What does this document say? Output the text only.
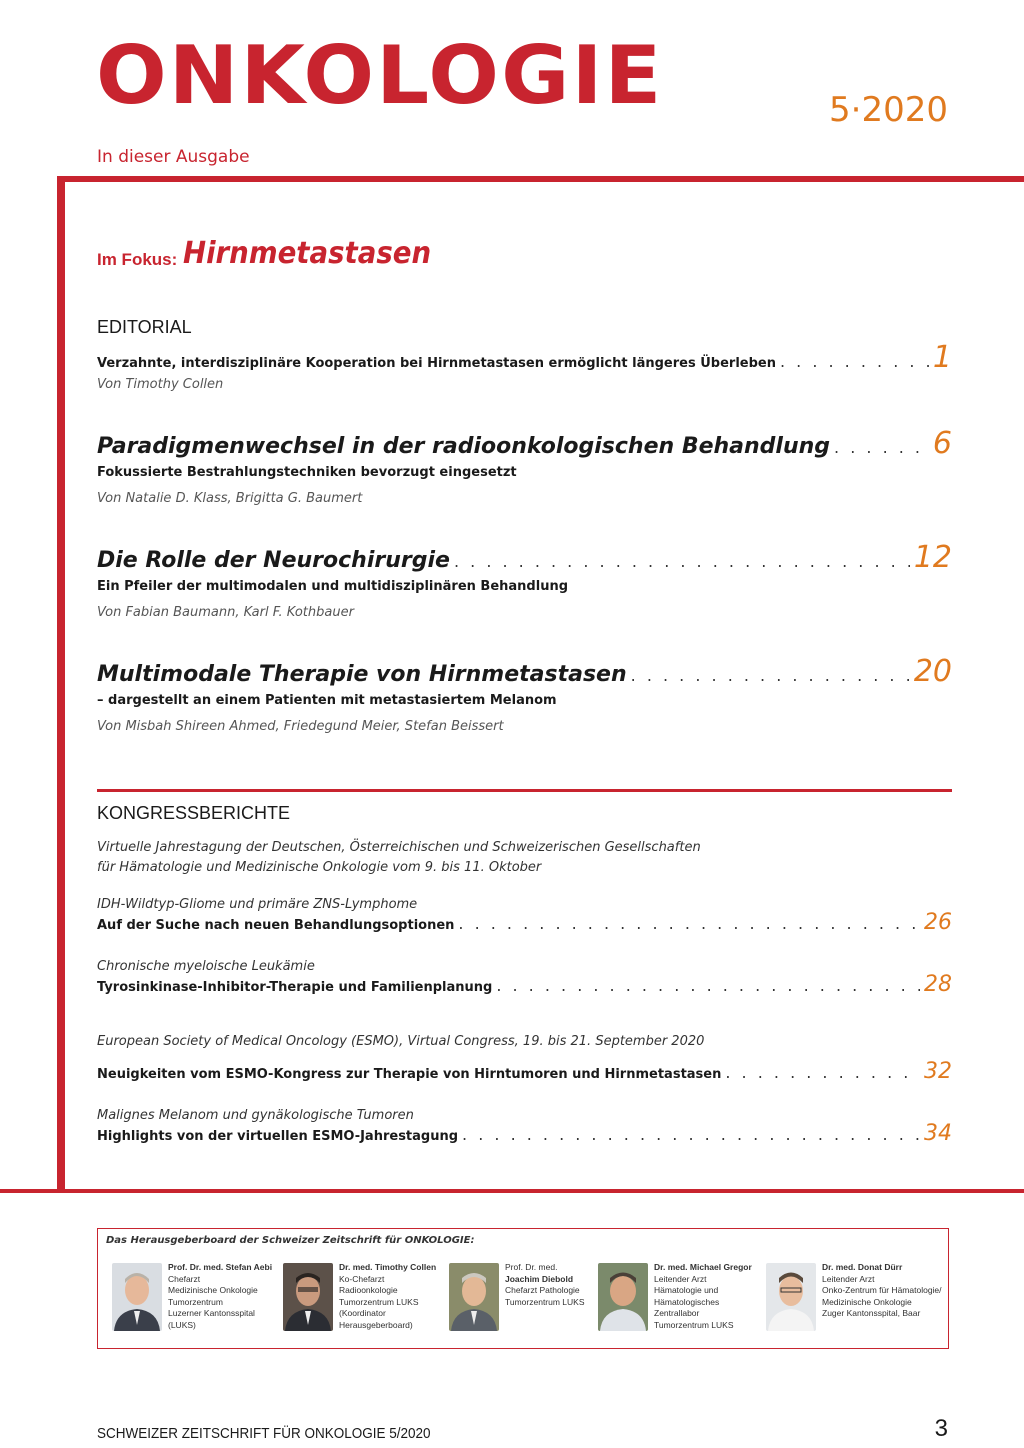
ONKOLOGIE	5·2020
In dieser Ausgabe
Im Fokus: Hirnmetastasen
EDITORIAL
Verzahnte, interdisziplinäre Kooperation bei Hirnmetastasen ermöglicht längeres Überleben . . .	1
Von Timothy Collen
Paradigmenwechsel in der radioonkologischen Behandlung . . .	6
Fokussierte Bestrahlungstechniken bevorzugt eingesetzt
Von Natalie D. Klass, Brigitta G. Baumert
Die Rolle der Neurochirurgie . . .	12
Ein Pfeiler der multimodalen und multidisziplinären Behandlung
Von Fabian Baumann, Karl F. Kothbauer
Multimodale Therapie von Hirnmetastasen . . .	20
– dargestellt an einem Patienten mit metastasiertem Melanom
Von Misbah Shireen Ahmed, Friedegund Meier, Stefan Beissert
KONGRESSBERICHTE
Virtuelle Jahrestagung der Deutschen, Österreichischen und Schweizerischen Gesellschaften
für Hämatologie und Medizinische Onkologie vom 9. bis 11. Oktober
IDH-Wildtyp-Gliome und primäre ZNS-Lymphome
Auf der Suche nach neuen Behandlungsoptionen . . .	26
Chronische myeloische Leukämie
Tyrosinkinase-Inhibitor-Therapie und Familienplanung . . .	28
European Society of Medical Oncology (ESMO), Virtual Congress, 19. bis 21. September 2020
Neuigkeiten vom ESMO-Kongress zur Therapie von Hirntumoren und Hirnmetastasen . . .	32
Malignes Melanom und gynäkologische Tumoren
Highlights von der virtuellen ESMO-Jahrestagung . . .	34
Das Herausgeberboard der Schweizer Zeitschrift für ONKOLOGIE:
Prof. Dr. med. Stefan Aebi
Chefarzt
Medizinische Onkologie
Tumorzentrum
Luzerner Kantonsspital
(LUKS)
Dr. med. Timothy Collen
Ko-Chefarzt
Radioonkologie
Tumorzentrum LUKS
(Koordinator
Herausgeberboard)
Prof. Dr. med.
Joachim Diebold
Chefarzt Pathologie
Tumorzentrum LUKS
Dr. med. Michael Gregor
Leitender Arzt
Hämatologie und
Hämatologisches
Zentrallabor
Tumorzentrum LUKS
Dr. med. Donat Dürr
Leitender Arzt
Onko-Zentrum für Hämatologie/
Medizinische Onkologie
Zuger Kantonsspital, Baar
SCHWEIZER ZEITSCHRIFT FÜR ONKOLOGIE 5/2020	3
